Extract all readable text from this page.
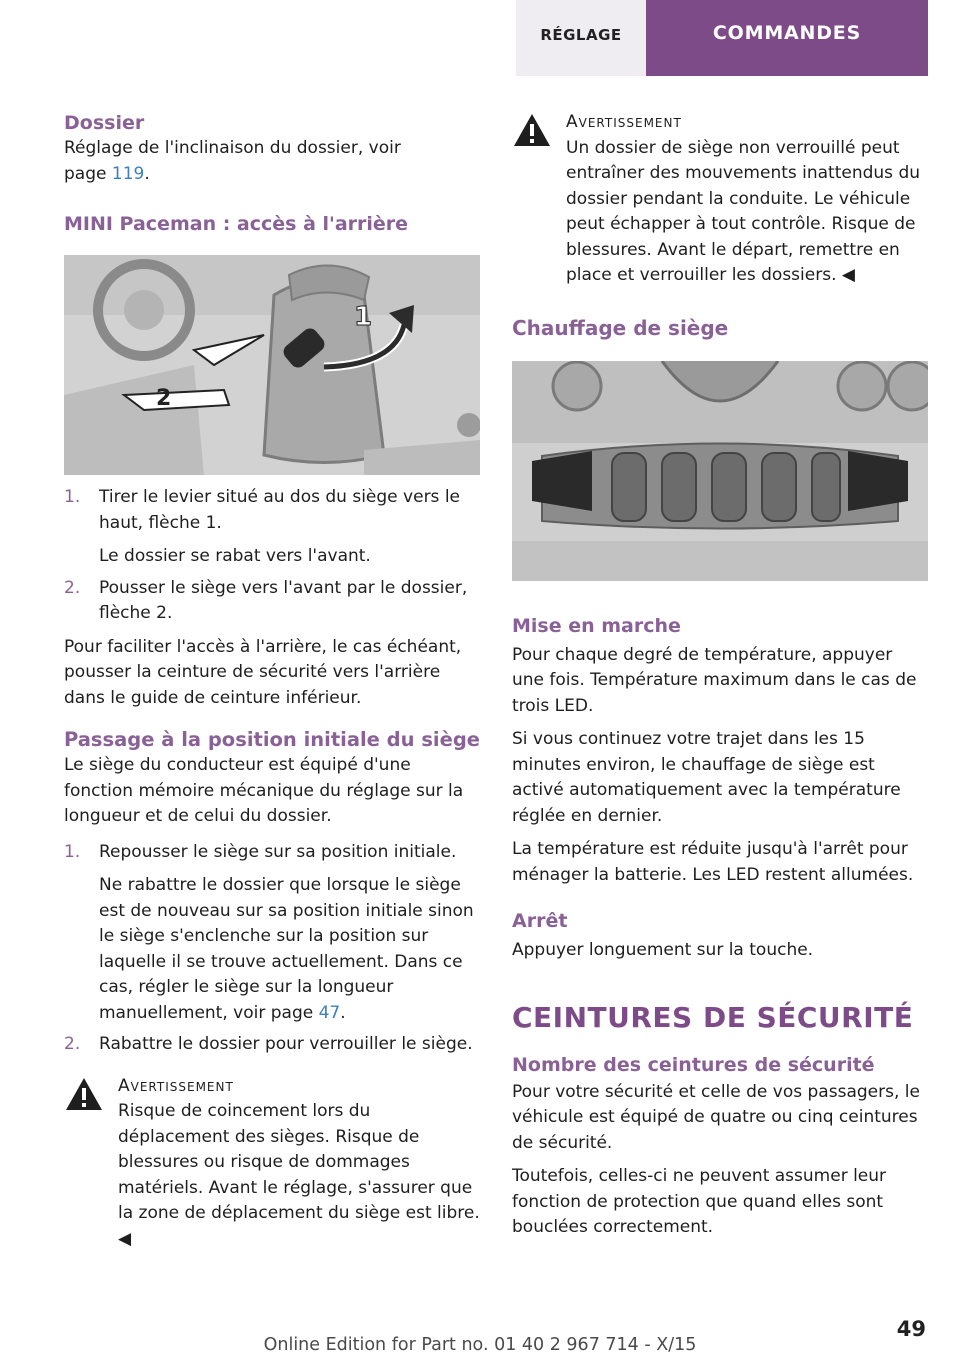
RÉGLAGE	COMMANDES
Dossier
Réglage de l'inclinaison du dossier, voir page 119.
MINI Paceman : accès à l'arrière
1
2
1. Tirer le levier situé au dos du siège vers le haut, flèche 1.
Le dossier se rabat vers l'avant.
2. Pousser le siège vers l'avant par le dossier, flèche 2.
Pour faciliter l'accès à l'arrière, le cas échéant, pousser la ceinture de sécurité vers l'arrière dans le guide de ceinture inférieur.
Passage à la position initiale du siège
Le siège du conducteur est équipé d'une fonction mémoire mécanique du réglage sur la longueur et de celui du dossier.
1. Repousser le siège sur sa position initiale.
Ne rabattre le dossier que lorsque le siège est de nouveau sur sa position initiale sinon le siège s'enclenche sur la position sur laquelle il se trouve actuellement. Dans ce cas, régler le siège sur la longueur manuellement, voir page 47.
2. Rabattre le dossier pour verrouiller le siège.
Avertissement
Risque de coincement lors du déplacement des sièges. Risque de blessures ou risque de dommages matériels. Avant le réglage, s'assurer que la zone de déplacement du siège est libre. ◀
Avertissement
Un dossier de siège non verrouillé peut entraîner des mouvements inattendus du dossier pendant la conduite. Le véhicule peut échapper à tout contrôle. Risque de blessures. Avant le départ, remettre en place et verrouiller les dossiers. ◀
Chauffage de siège
Mise en marche
Pour chaque degré de température, appuyer une fois. Température maximum dans le cas de trois LED.
Si vous continuez votre trajet dans les 15 minutes environ, le chauffage de siège est activé automatiquement avec la température réglée en dernier.
La température est réduite jusqu'à l'arrêt pour ménager la batterie. Les LED restent allumées.
Arrêt
Appuyer longuement sur la touche.
CEINTURES DE SÉCURITÉ
Nombre des ceintures de sécurité
Pour votre sécurité et celle de vos passagers, le véhicule est équipé de quatre ou cinq ceintures de sécurité.
Toutefois, celles-ci ne peuvent assumer leur fonction de protection que quand elles sont bouclées correctement.
49
Online Edition for Part no. 01 40 2 967 714 - X/15
